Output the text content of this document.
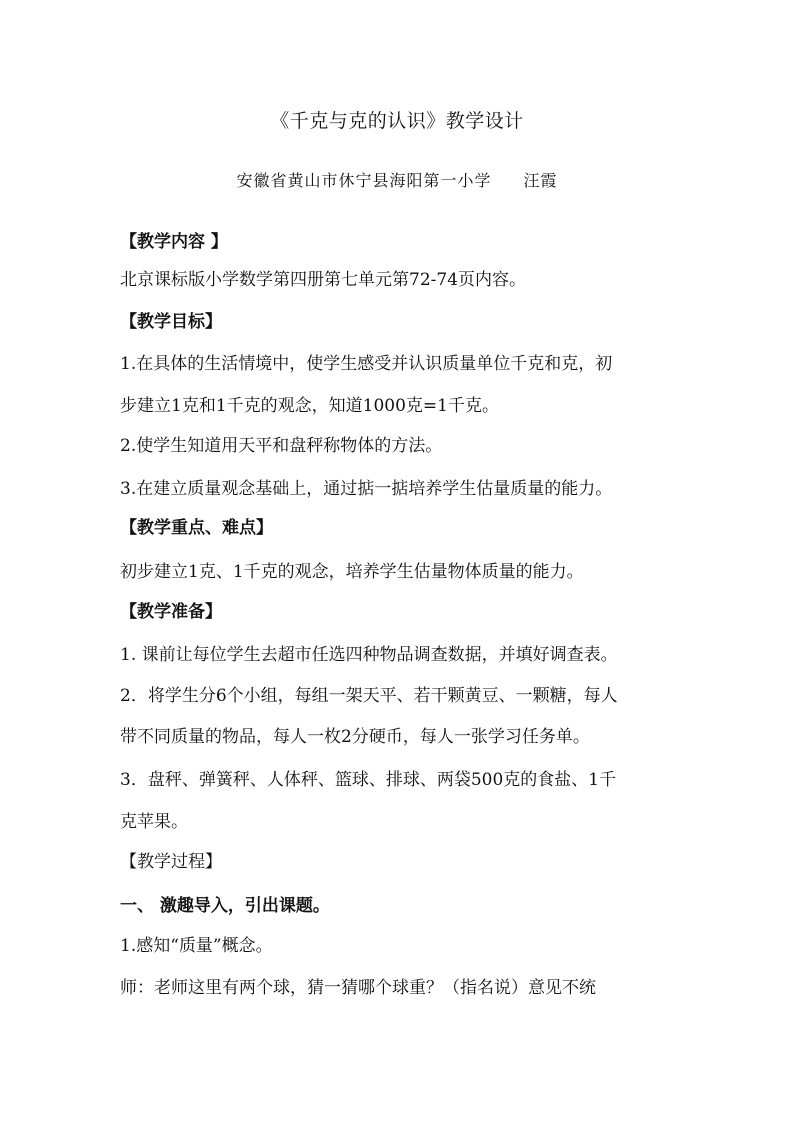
《千克与克的认识》教学设计
安徽省黄山市休宁县海阳第一小学 汪霞
【教学内容 】
北京课标版小学数学第四册第七单元第72-74页内容。
【教学目标】
1.在具体的生活情境中，使学生感受并认识质量单位千克和克，初
步建立1克和1千克的观念，知道1000克=1千克。
2.使学生知道用天平和盘秤称物体的方法。
3.在建立质量观念基础上，通过掂一掂培养学生估量质量的能力。
【教学重点、难点】
初步建立1克、1千克的观念，培养学生估量物体质量的能力。
【教学准备】
1. 课前让每位学生去超市任选四种物品调查数据，并填好调查表。
2．将学生分6个小组，每组一架天平、若干颗黄豆、一颗糖，每人
带不同质量的物品，每人一枚2分硬币，每人一张学习任务单。
3．盘秤、弹簧秤、人体秤、篮球、排球、两袋500克的食盐、1千
克苹果。
【教学过程】
一、 激趣导入，引出课题。
1.感知“质量”概念。
师：老师这里有两个球，猜一猜哪个球重？（指名说）意见不统
